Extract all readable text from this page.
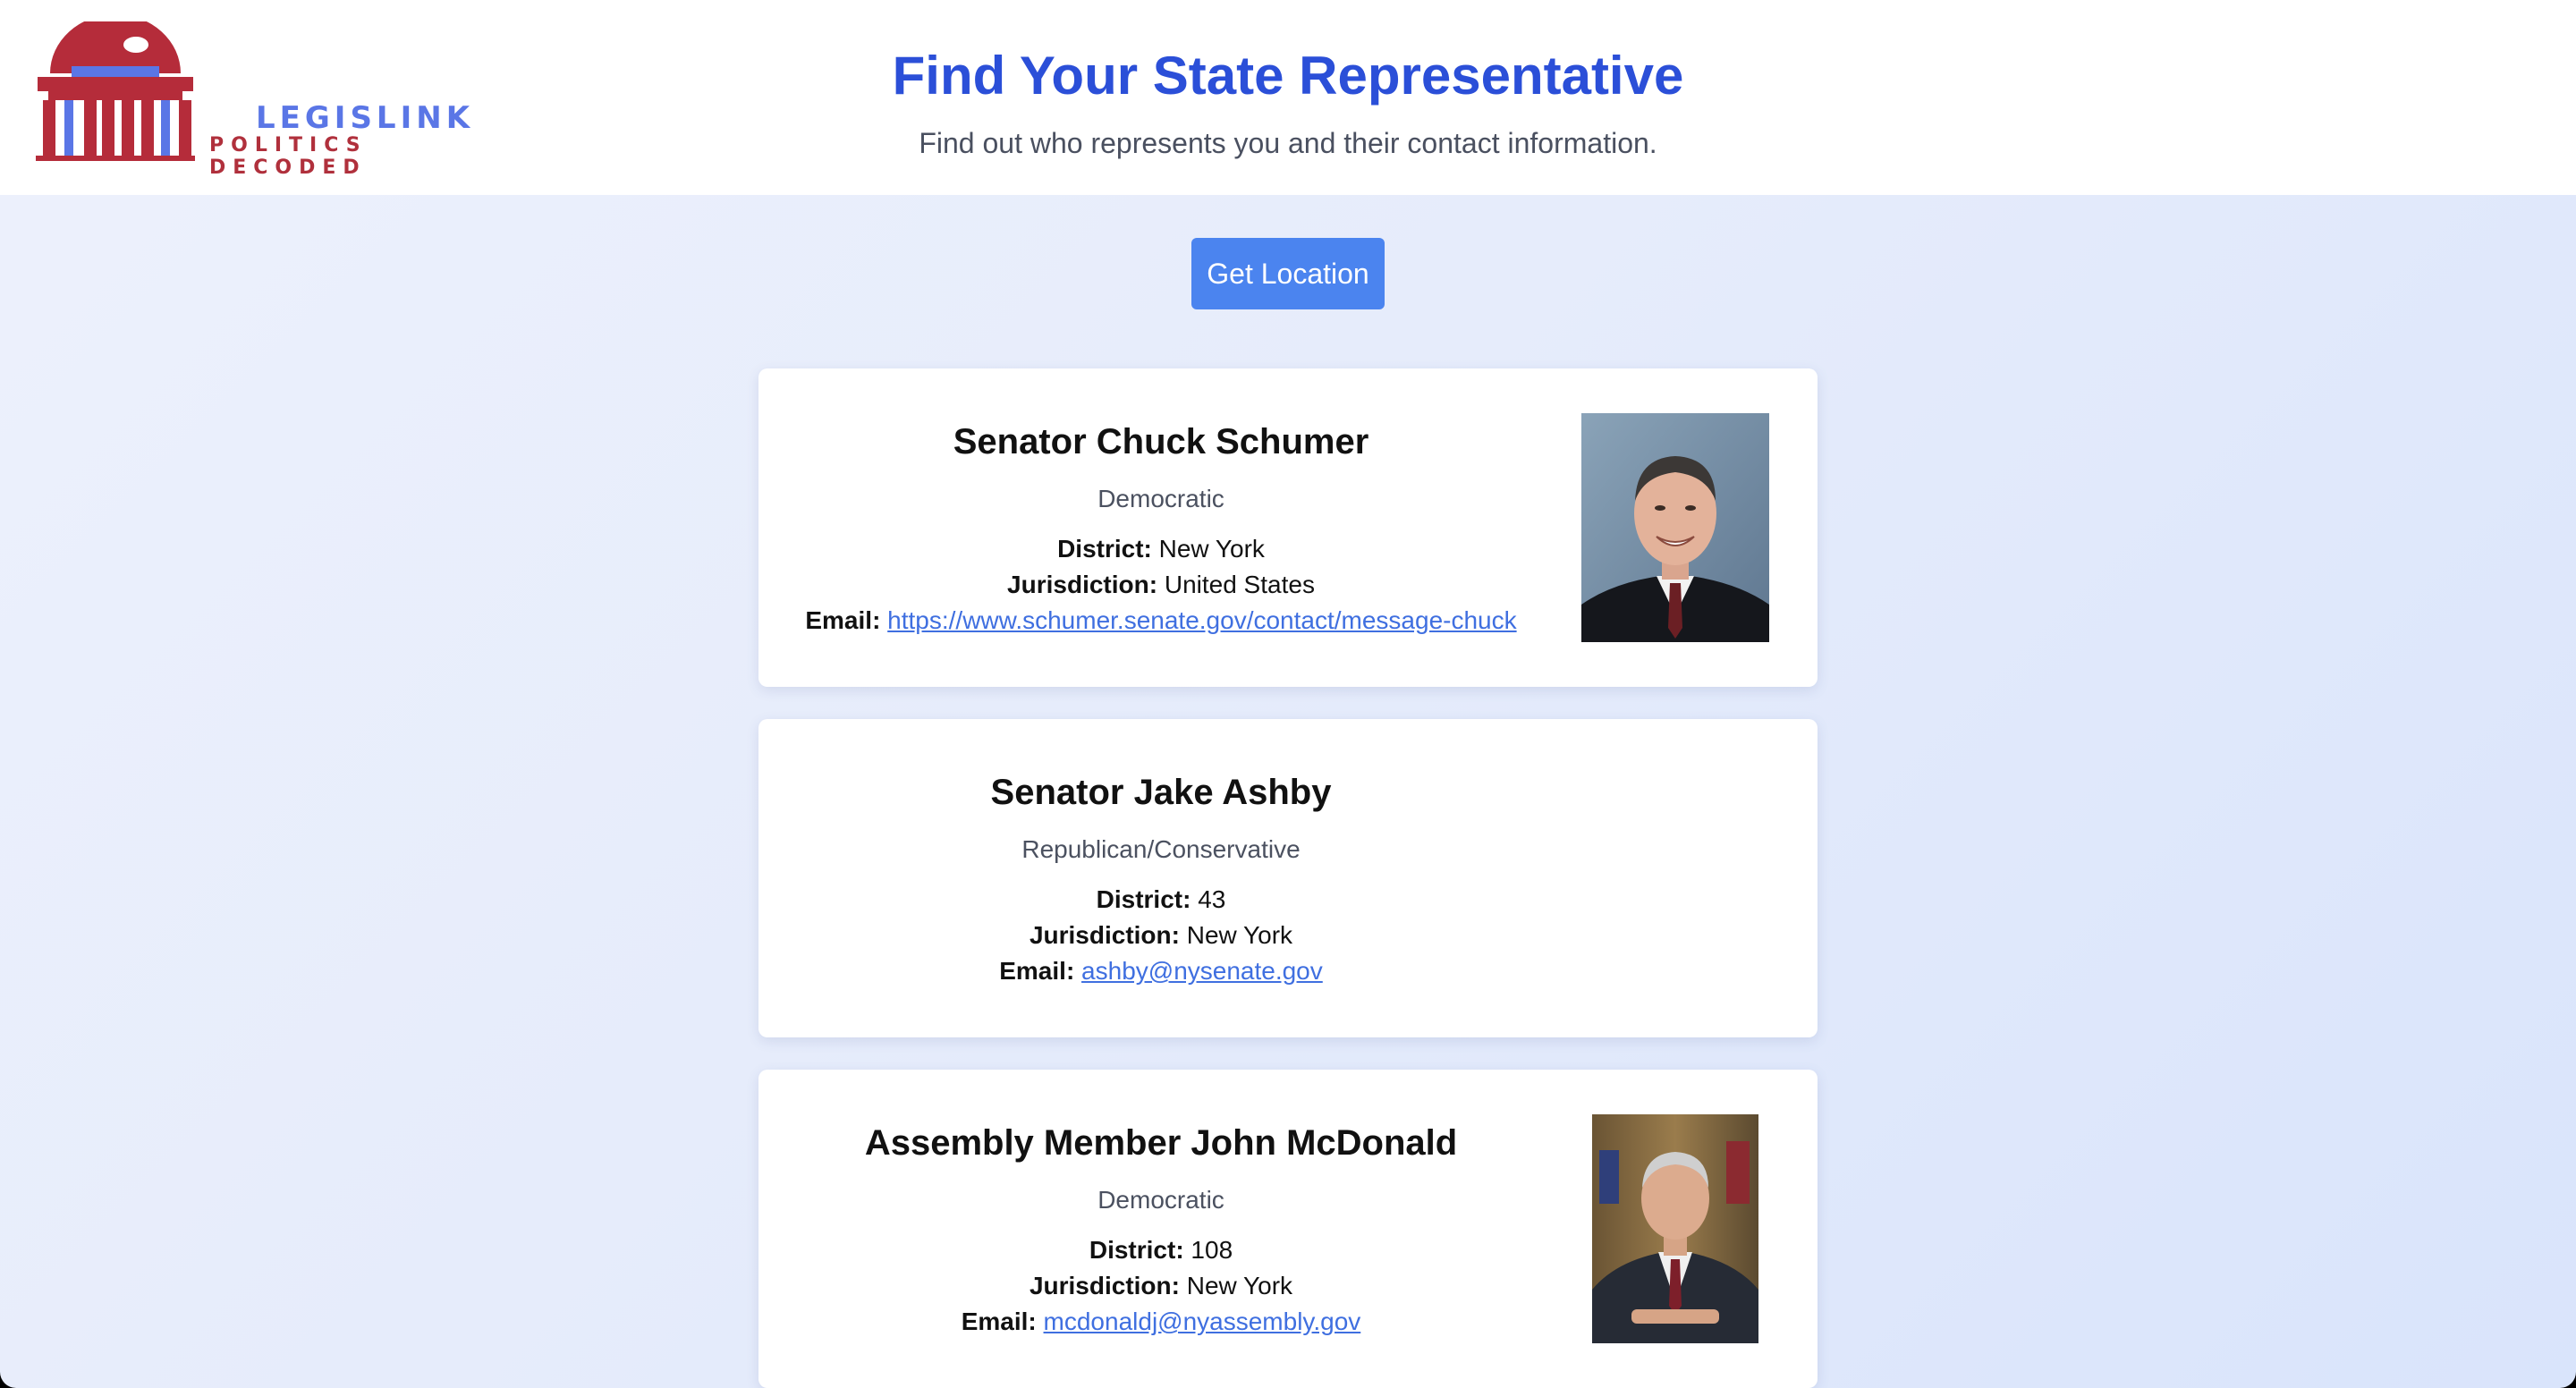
LEGISLINK
POLITICS DECODED
Find Your State Representative

Find out who represents you and their contact information.

Get Location
Senator Chuck Schumer

Democratic

District: New York

Jurisdiction: United States

Email: https://www.schumer.senate.gov/contact/message-chuck

Senator Jake Ashby

Republican/Conservative

District: 43

Jurisdiction: New York

Email: ashby@nysenate.gov

Assembly Member John McDonald

Democratic

District: 108

Jurisdiction: New York

Email: mcdonaldj@nyassembly.gov
